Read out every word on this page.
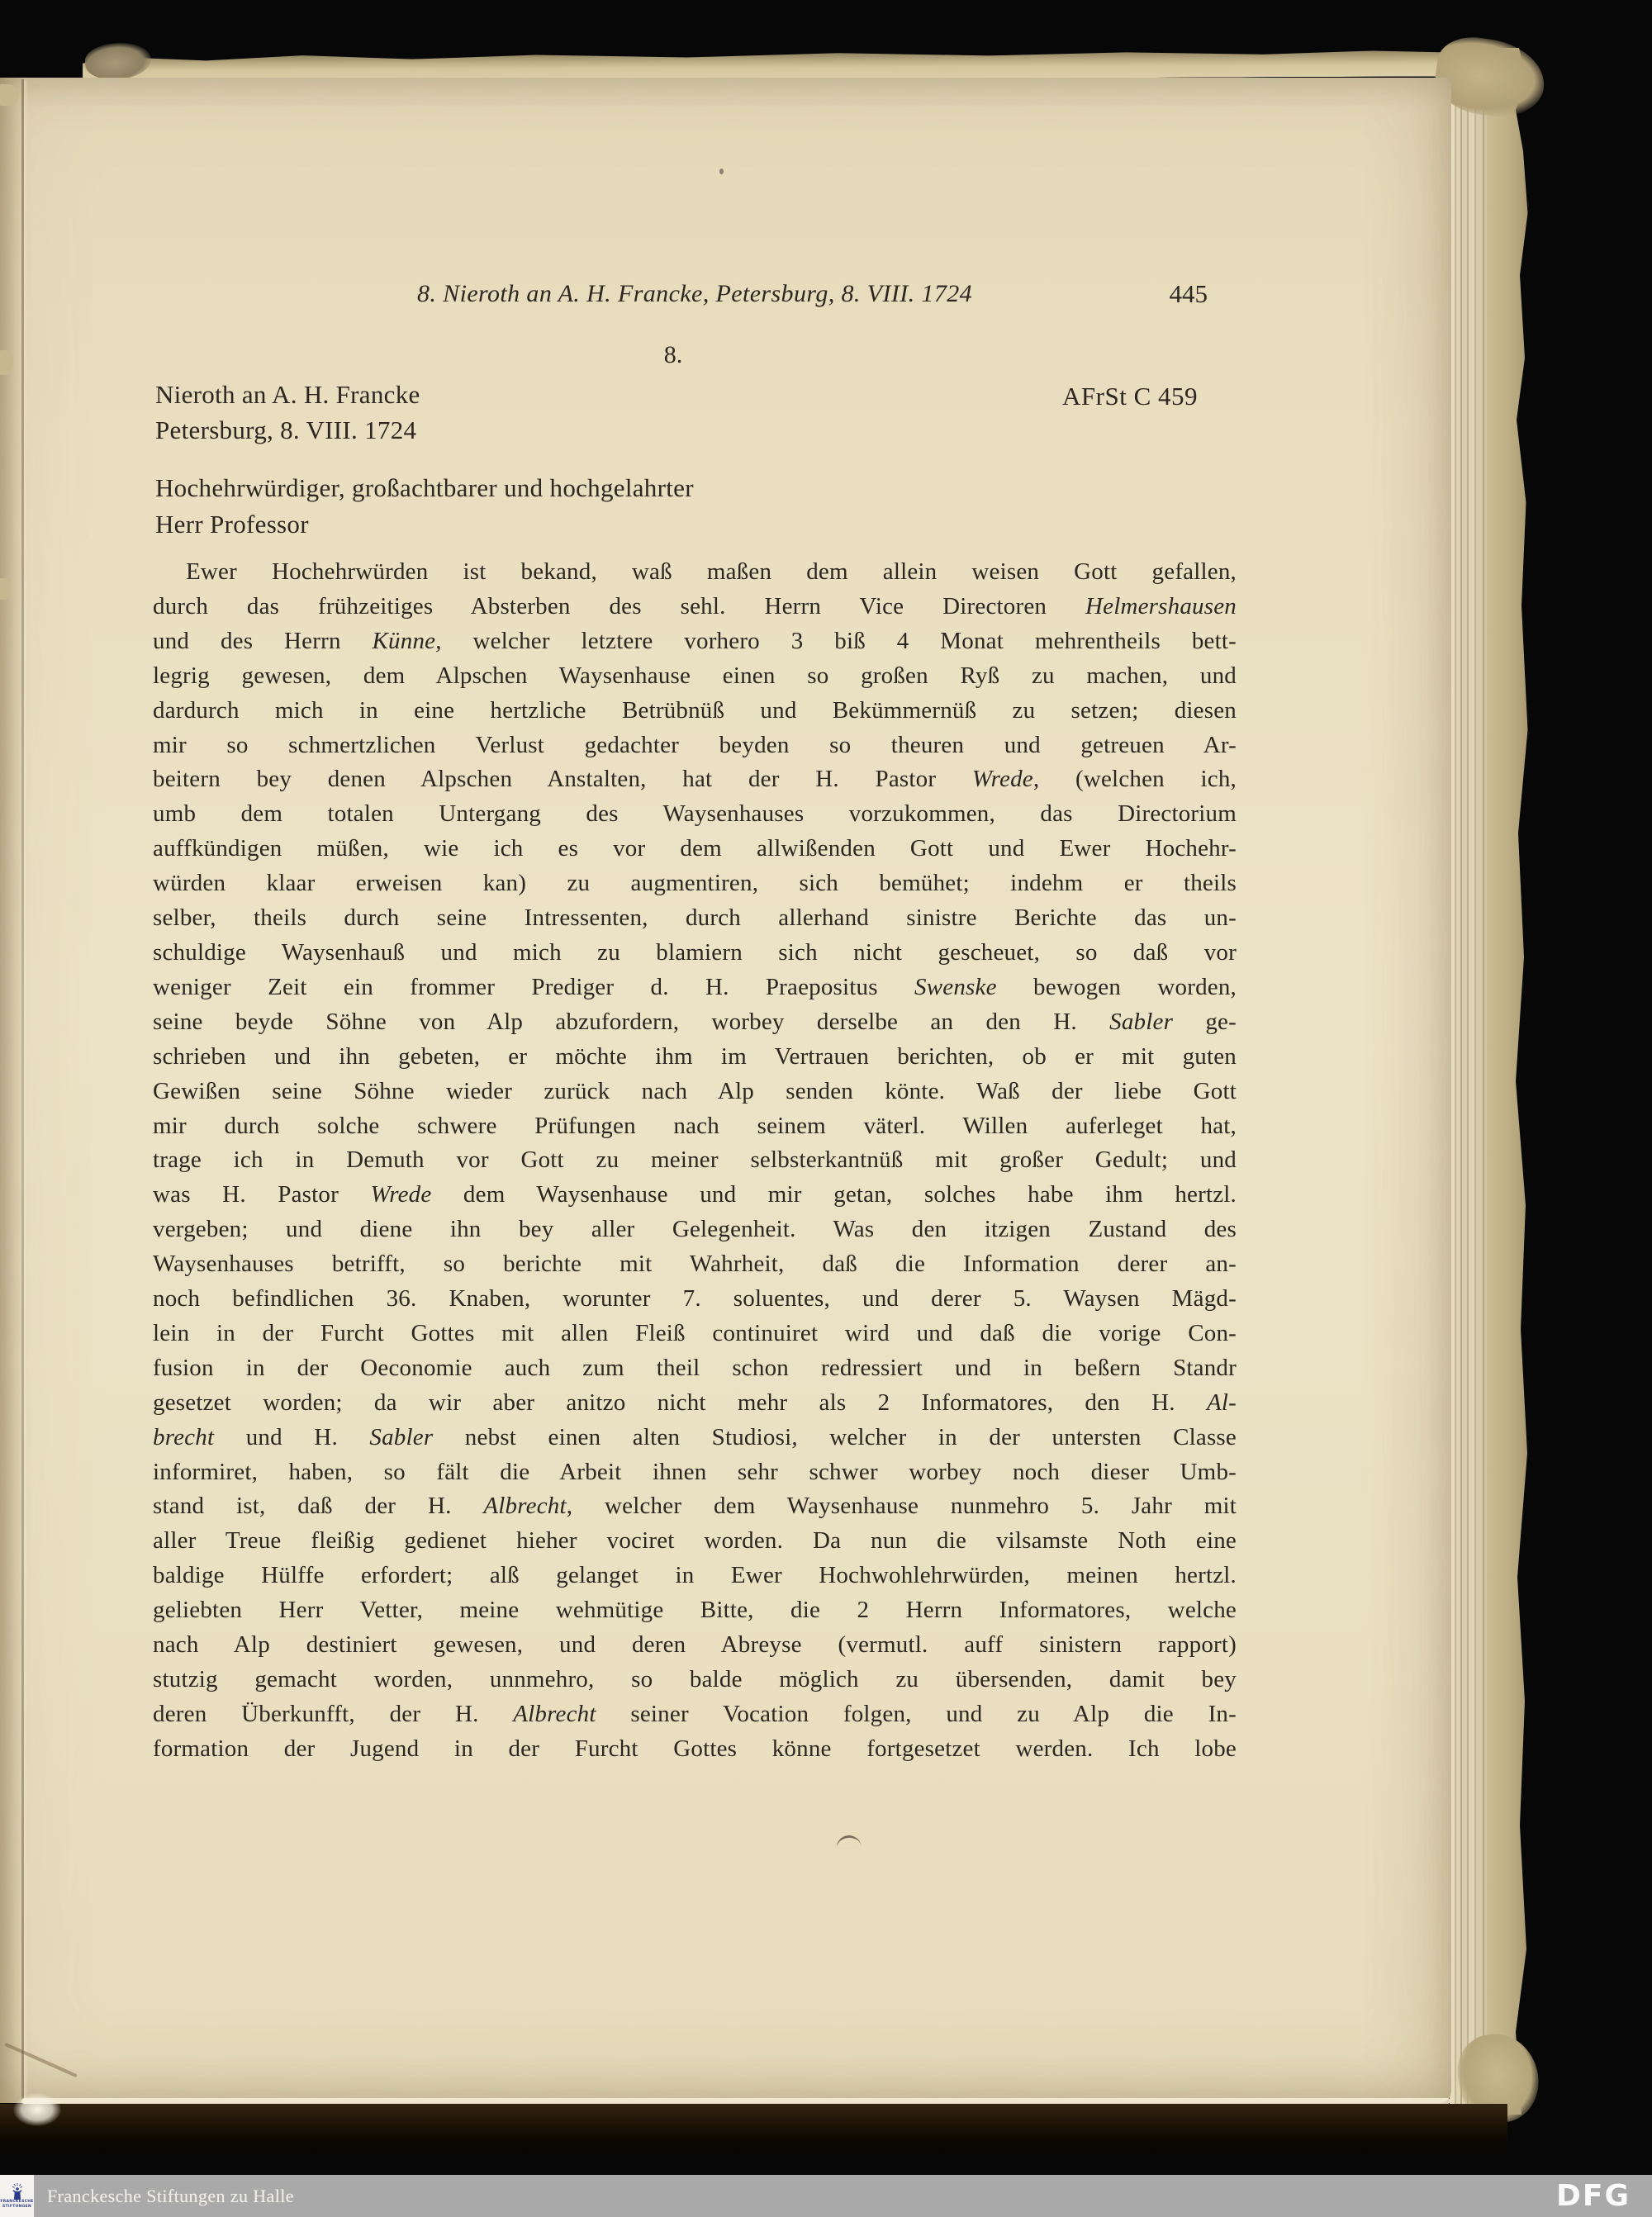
8. Nieroth an A. H. Francke, Petersburg, 8. VIII. 1724	445
8.
Nieroth an A. H. Francke	AFrSt C 459
Petersburg, 8. VIII. 1724
Hochehrwürdiger, großachtbarer und hochgelahrter
Herr Professor
Ewer Hochehrwürden ist bekand, waß maßen dem allein weisen Gott gefallen,
durch das frühzeitiges Absterben des sehl. Herrn Vice Directoren Helmershausen
und des Herrn Künne, welcher letztere vorhero 3 biß 4 Monat mehrentheils bett-
legrig gewesen, dem Alpschen Waysenhause einen so großen Ryß zu machen, und
dardurch mich in eine hertzliche Betrübnüß und Bekümmernüß zu setzen; diesen
mir so schmertzlichen Verlust gedachter beyden so theuren und getreuen Ar-
beitern bey denen Alpschen Anstalten, hat der H. Pastor Wrede, (welchen ich,
umb dem totalen Untergang des Waysenhauses vorzukommen, das Directorium
auffkündigen müßen, wie ich es vor dem allwißenden Gott und Ewer Hochehr-
würden klaar erweisen kan) zu augmentiren, sich bemühet; indehm er theils
selber, theils durch seine Intressenten, durch allerhand sinistre Berichte das un-
schuldige Waysenhauß und mich zu blamiern sich nicht gescheuet, so daß vor
weniger Zeit ein frommer Prediger d. H. Praepositus Swenske bewogen worden,
seine beyde Söhne von Alp abzufordern, worbey derselbe an den H. Sabler ge-
schrieben und ihn gebeten, er möchte ihm im Vertrauen berichten, ob er mit guten
Gewißen seine Söhne wieder zurück nach Alp senden könte. Waß der liebe Gott
mir durch solche schwere Prüfungen nach seinem väterl. Willen auferleget hat,
trage ich in Demuth vor Gott zu meiner selbsterkantnüß mit großer Gedult; und
was H. Pastor Wrede dem Waysenhause und mir getan, solches habe ihm hertzl.
vergeben; und diene ihn bey aller Gelegenheit. Was den itzigen Zustand des
Waysenhauses betrifft, so berichte mit Wahrheit, daß die Information derer an-
noch befindlichen 36. Knaben, worunter 7. soluentes, und derer 5. Waysen Mägd-
lein in der Furcht Gottes mit allen Fleiß continuiret wird und daß die vorige Con-
fusion in der Oeconomie auch zum theil schon redressiert und in beßern Standr
gesetzet worden; da wir aber anitzo nicht mehr als 2 Informatores, den H. Al-
brecht und H. Sabler nebst einen alten Studiosi, welcher in der untersten Classe
informiret, haben, so fält die Arbeit ihnen sehr schwer worbey noch dieser Umb-
stand ist, daß der H. Albrecht, welcher dem Waysenhause nunmehro 5. Jahr mit
aller Treue fleißig gedienet hieher vociret worden. Da nun die vilsamste Noth eine
baldige Hülffe erfordert; alß gelanget in Ewer Hochwohlehrwürden, meinen hertzl.
geliebten Herr Vetter, meine wehmütige Bitte, die 2 Herrn Informatores, welche
nach Alp destiniert gewesen, und deren Abreyse (vermutl. auff sinistern rapport)
stutzig gemacht worden, unnmehro, so balde möglich zu übersenden, damit bey
deren Überkunfft, der H. Albrecht seiner Vocation folgen, und zu Alp die In-
formation der Jugend in der Furcht Gottes könne fortgesetzet werden. Ich lobe
FRANCKESCHE
STIFTUNGEN Franckesche Stiftungen zu Halle	DFG
